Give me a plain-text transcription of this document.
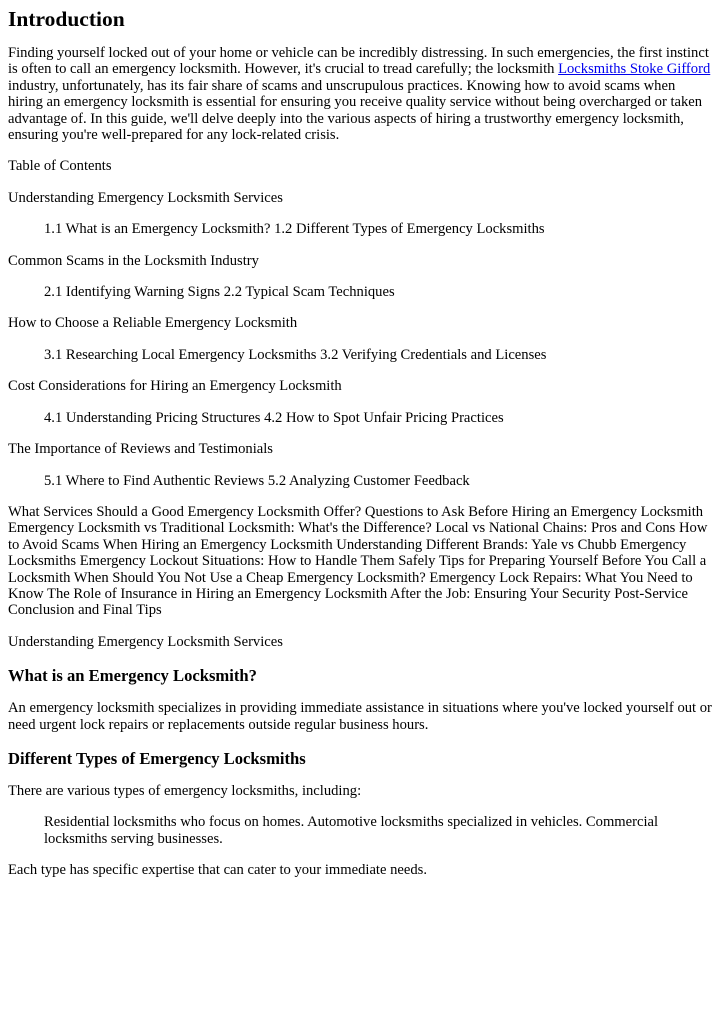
Introduction

Finding yourself locked out of your home or vehicle can be incredibly distressing. In such emergencies, the first instinct is often to call an emergency locksmith. However, it's crucial to tread carefully; the locksmith Locksmiths Stoke Gifford industry, unfortunately, has its fair share of scams and unscrupulous practices. Knowing how to avoid scams when hiring an emergency locksmith is essential for ensuring you receive quality service without being overcharged or taken advantage of. In this guide, we'll delve deeply into the various aspects of hiring a trustworthy emergency locksmith, ensuring you're well-prepared for any lock-related crisis.

Table of Contents

Understanding Emergency Locksmith Services

1.1 What is an Emergency Locksmith? 1.2 Different Types of Emergency Locksmiths

Common Scams in the Locksmith Industry

2.1 Identifying Warning Signs 2.2 Typical Scam Techniques

How to Choose a Reliable Emergency Locksmith

3.1 Researching Local Emergency Locksmiths 3.2 Verifying Credentials and Licenses

Cost Considerations for Hiring an Emergency Locksmith

4.1 Understanding Pricing Structures 4.2 How to Spot Unfair Pricing Practices

The Importance of Reviews and Testimonials

5.1 Where to Find Authentic Reviews 5.2 Analyzing Customer Feedback

What Services Should a Good Emergency Locksmith Offer? Questions to Ask Before Hiring an Emergency Locksmith Emergency Locksmith vs Traditional Locksmith: What's the Difference? Local vs National Chains: Pros and Cons How to Avoid Scams When Hiring an Emergency Locksmith Understanding Different Brands: Yale vs Chubb Emergency Locksmiths Emergency Lockout Situations: How to Handle Them Safely Tips for Preparing Yourself Before You Call a Locksmith When Should You Not Use a Cheap Emergency Locksmith? Emergency Lock Repairs: What You Need to Know The Role of Insurance in Hiring an Emergency Locksmith After the Job: Ensuring Your Security Post-Service Conclusion and Final Tips

Understanding Emergency Locksmith Services

What is an Emergency Locksmith?

An emergency locksmith specializes in providing immediate assistance in situations where you've locked yourself out or need urgent lock repairs or replacements outside regular business hours.

Different Types of Emergency Locksmiths

There are various types of emergency locksmiths, including:

Residential locksmiths who focus on homes. Automotive locksmiths specialized in vehicles. Commercial locksmiths serving businesses.

Each type has specific expertise that can cater to your immediate needs.
